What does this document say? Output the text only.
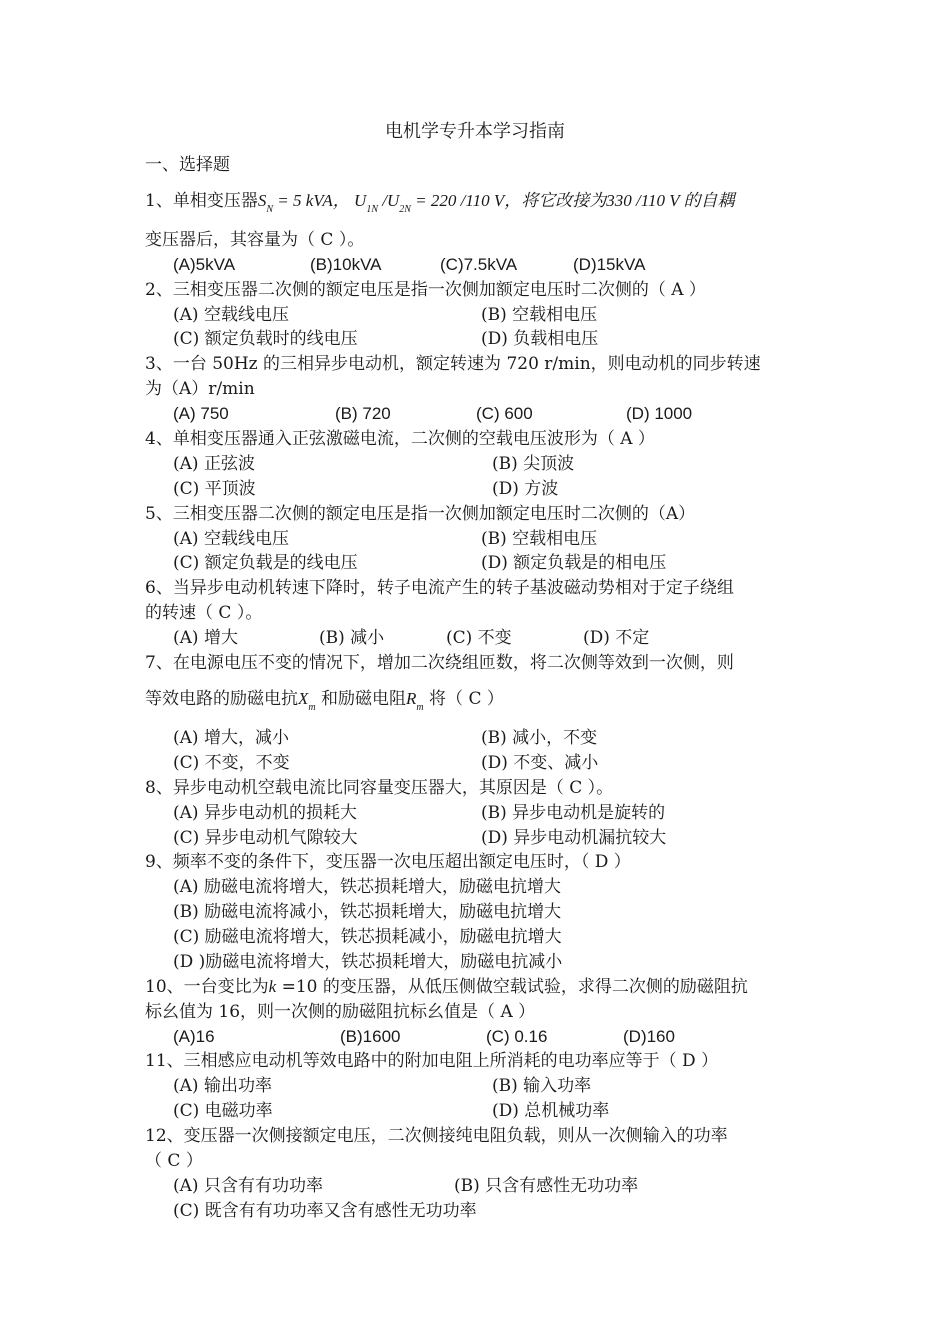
电机学专升本学习指南
一、选择题
1、单相变压器$S_N = 5$ kVA， $U_{1N}$ $/U_{2N} = 220$ /110 V，将它改接为330 /110 V 的自耦
变压器后，其容量为（ C ）。
(A)5kVA	(B)10kVA	(C)7.5kVA	(D)15kVA
2、三相变压器二次侧的额定电压是指一次侧加额定电压时二次侧的（ A ）
(A) 空载线电压	(B) 空载相电压
(C) 额定负载时的线电压	(D) 负载相电压
3、一台 50Hz 的三相异步电动机，额定转速为 720 r/min，则电动机的同步转速
为（A）r/min
(A) 750	(B) 720	(C) 600	(D) 1000
4、单相变压器通入正弦激磁电流，二次侧的空载电压波形为（ A ）
(A) 正弦波	(B) 尖顶波
(C) 平顶波	(D) 方波
5、三相变压器二次侧的额定电压是指一次侧加额定电压时二次侧的（A）
(A) 空载线电压	(B) 空载相电压
(C) 额定负载是的线电压	(D) 额定负载是的相电压
6、当异步电动机转速下降时，转子电流产生的转子基波磁动势相对于定子绕组
的转速（ C ）。
(A) 增大	(B) 减小	(C) 不变	(D) 不定
7、在电源电压不变的情况下，增加二次绕组匝数，将二次侧等效到一次侧，则
等效电路的励磁电抗$X_m$ 和励磁电阻$R_m$ 将（ C ）
(A) 增大，减小	(B) 减小，不变
(C) 不变，不变	(D) 不变、减小
8、异步电动机空载电流比同容量变压器大，其原因是（ C ）。
(A) 异步电动机的损耗大	(B) 异步电动机是旋转的
(C) 异步电动机气隙较大	(D) 异步电动机漏抗较大
9、频率不变的条件下，变压器一次电压超出额定电压时，（ D ）
(A) 励磁电流将增大，铁芯损耗增大，励磁电抗增大
(B) 励磁电流将减小，铁芯损耗增大，励磁电抗增大
(C) 励磁电流将增大，铁芯损耗减小，励磁电抗增大
(D )励磁电流将增大，铁芯损耗增大，励磁电抗减小
10、一台变比为k =10 的变压器，从低压侧做空载试验，求得二次侧的励磁阻抗
标幺值为 16，则一次侧的励磁阻抗标幺值是（ A ）
(A)16	(B)1600	(C) 0.16	(D)160
11、三相感应电动机等效电路中的附加电阻上所消耗的电功率应等于（ D ）
(A) 输出功率	(B) 输入功率
(C) 电磁功率	(D) 总机械功率
12、变压器一次侧接额定电压，二次侧接纯电阻负载，则从一次侧输入的功率
（ C ）
(A) 只含有有功功率	(B) 只含有感性无功功率
(C) 既含有有功功率又含有感性无功功率
